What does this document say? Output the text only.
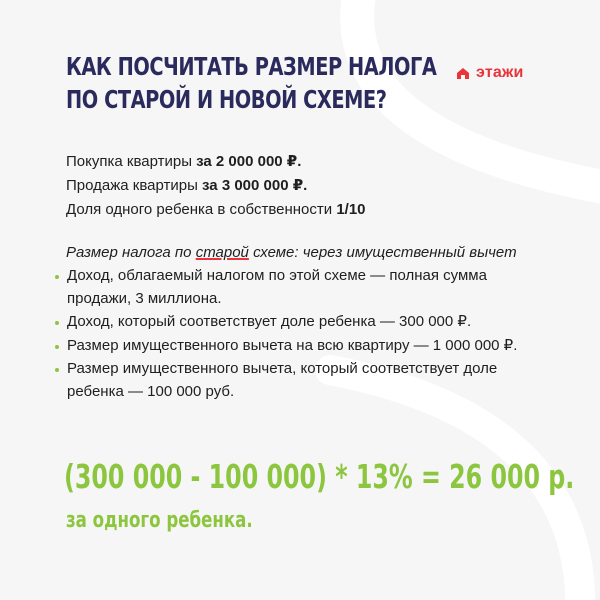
КАК ПОСЧИТАТЬ РАЗМЕР НАЛОГА
ПО СТАРОЙ И НОВОЙ СХЕМЕ?
этажи
Покупка квартиры за 2 000 000 ₽.
Продажа квартиры за 3 000 000 ₽.
Доля одного ребенка в собственности 1/10
Размер налога по старой схеме: через имущественный вычет
Доход, облагаемый налогом по этой схеме — полная сумма продажи, 3 миллиона.
Доход, который соответствует доле ребенка — 300 000 ₽.
Размер имущественного вычета на всю квартиру — 1 000 000 ₽.
Размер имущественного вычета, который соответствует доле ребенка — 100 000 руб.
(300 000 - 100 000) * 13% = 26 000 р.
за одного ребенка.
